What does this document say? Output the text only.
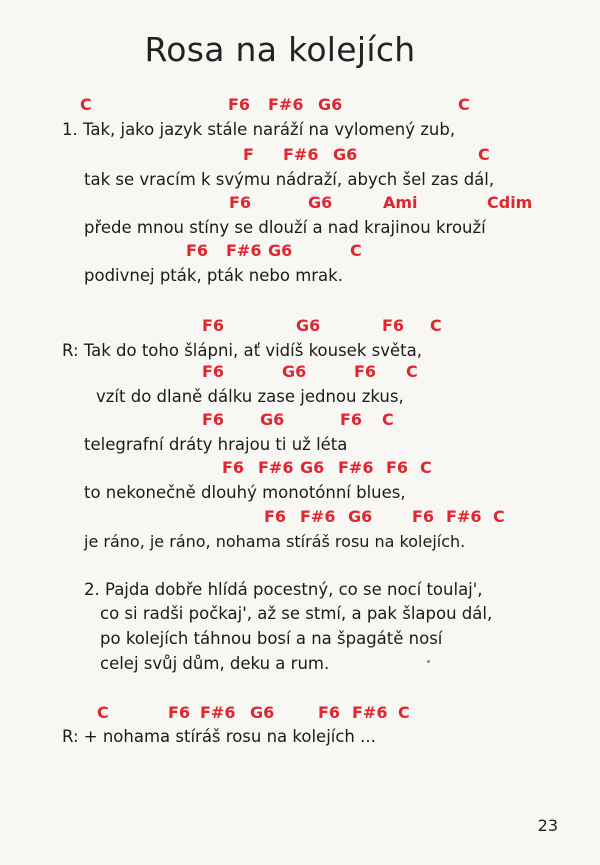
Rosa na kolejích
C	F6 F#6 G6	C
1. Tak, jako jazyk stále naráží na vylomený zub,
F F#6 G6	C
tak se vracím k svýmu nádraží, abych šel zas dál,
F6	G6	Ami	Cdim
přede mnou stíny se dlouží a nad krajinou krouží
F6 F#6 G6	C
podivnej pták, pták nebo mrak.
F6	G6	F6 C
R: Tak do toho šlápni, ať vidíš kousek světa,
F6	G6	F6 C
vzít do dlaně dálku zase jednou zkus,
F6 G6	F6 C
telegrafní dráty hrajou ti už léta
F6 F#6 G6 F#6 F6 C
to nekonečně dlouhý monotónní blues,
F6 F#6 G6 F6 F#6 C
je ráno, je ráno, nohama stíráš rosu na kolejích.
2. Pajda dobře hlídá pocestný, co se nocí toulaj',
co si radši počkaj', až se stmí, a pak šlapou dál,
po kolejích táhnou bosí a na špagátě nosí
celej svůj dům, deku a rum.
C	F6 F#6 G6	F6 F#6 C
R: + nohama stíráš rosu na kolejích ...
23
